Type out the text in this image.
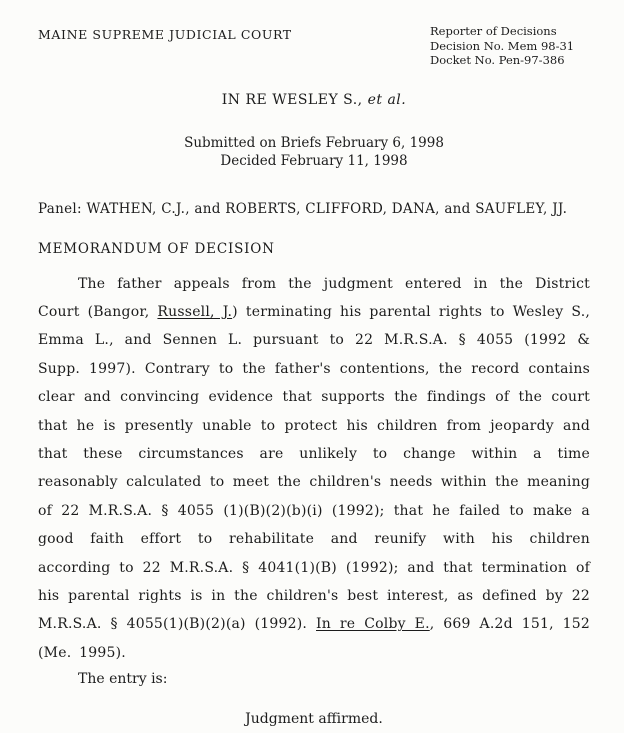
MAINE SUPREME JUDICIAL COURT	Reporter of Decisions
Decision No. Mem 98-31
Docket No. Pen-97-386
IN RE WESLEY S., et al.
Submitted on Briefs February 6, 1998
Decided February 11, 1998
Panel: WATHEN, C.J., and ROBERTS, CLIFFORD, DANA, and SAUFLEY, JJ.
MEMORANDUM OF DECISION
The father appeals from the judgment entered in the District Court (Bangor, Russell, J.) terminating his parental rights to Wesley S., Emma L., and Sennen L. pursuant to 22 M.R.S.A. § 4055 (1992 & Supp. 1997). Contrary to the father's contentions, the record contains clear and convincing evidence that supports the findings of the court that he is presently unable to protect his children from jeopardy and that these circumstances are unlikely to change within a time reasonably calculated to meet the children's needs within the meaning of 22 M.R.S.A. § 4055 (1)(B)(2)(b)(i) (1992); that he failed to make a good faith effort to rehabilitate and reunify with his children according to 22 M.R.S.A. § 4041(1)(B) (1992); and that termination of his parental rights is in the children's best interest, as defined by 22 M.R.S.A. § 4055(1)(B)(2)(a) (1992). In re Colby E., 669 A.2d 151, 152 (Me. 1995).
The entry is:
Judgment affirmed.
